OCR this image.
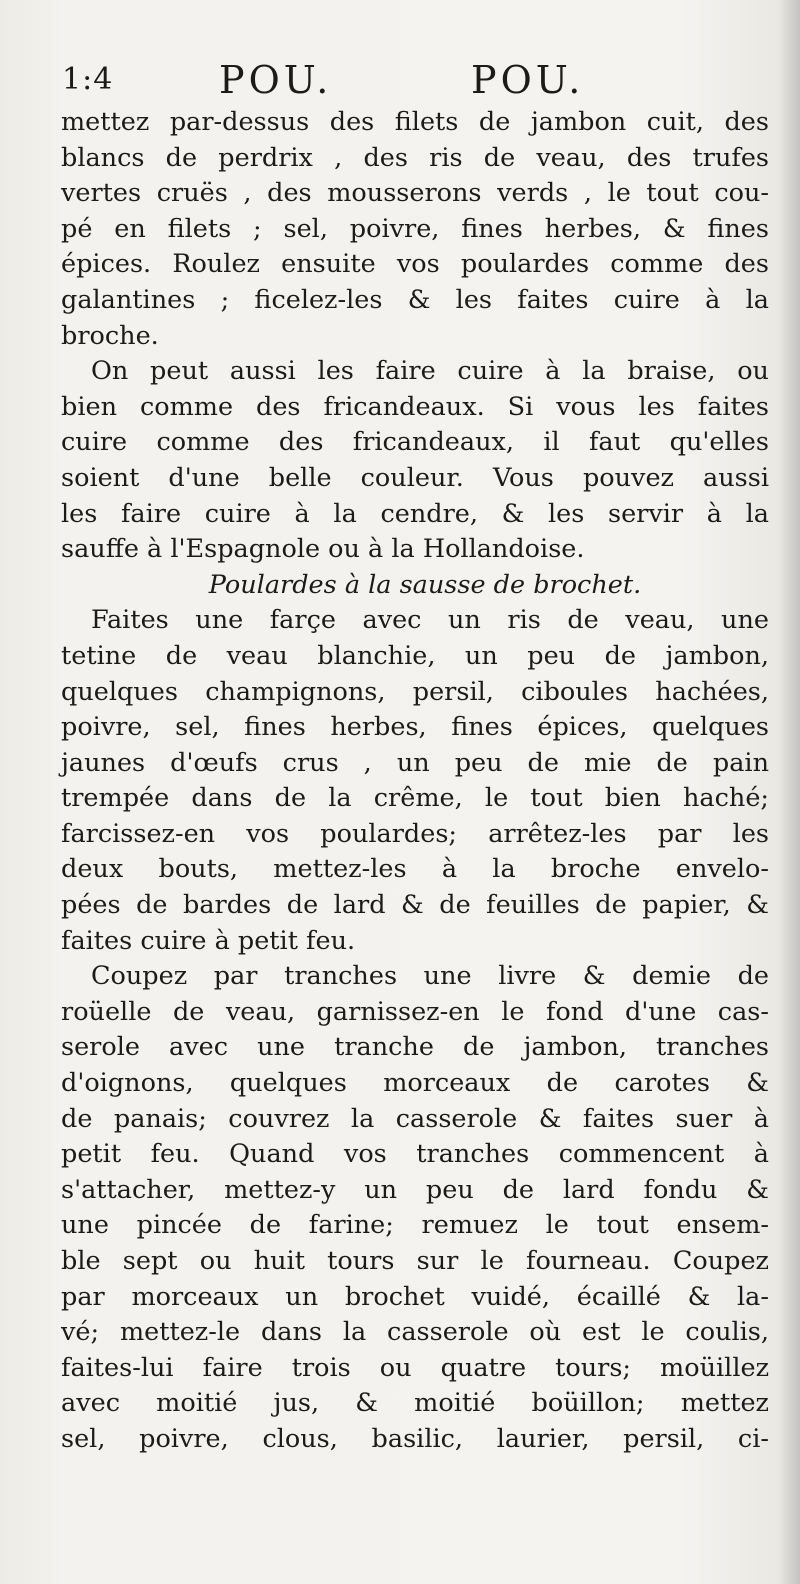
1:4	POU.	POU.
mettez par-dessus des filets de jambon cuit, des
blancs de perdrix , des ris de veau, des trufes
vertes cruës , des mousserons verds , le tout cou-
pé en filets ; sel, poivre, fines herbes, & fines
épices. Roulez ensuite vos poulardes comme des
galantines ; ficelez-les & les faites cuire à la
broche.
On peut aussi les faire cuire à la braise, ou
bien comme des fricandeaux. Si vous les faites
cuire comme des fricandeaux, il faut qu'elles
soient d'une belle couleur. Vous pouvez aussi
les faire cuire à la cendre, & les servir à la
sauffe à l'Espagnole ou à la Hollandoise.
Poulardes à la sausse de brochet.
Faites une farçe avec un ris de veau, une
tetine de veau blanchie, un peu de jambon,
quelques champignons, persil, ciboules hachées,
poivre, sel, fines herbes, fines épices, quelques
jaunes d'œufs crus , un peu de mie de pain
trempée dans de la crême, le tout bien haché;
farcissez-en vos poulardes; arrêtez-les par les
deux bouts, mettez-les à la broche envelo-
pées de bardes de lard & de feuilles de papier, &
faites cuire à petit feu.
Coupez par tranches une livre & demie de
roüelle de veau, garnissez-en le fond d'une cas-
serole avec une tranche de jambon, tranches
d'oignons, quelques morceaux de carotes &
de panais; couvrez la casserole & faites suer à
petit feu. Quand vos tranches commencent à
s'attacher, mettez-y un peu de lard fondu &
une pincée de farine; remuez le tout ensem-
ble sept ou huit tours sur le fourneau. Coupez
par morceaux un brochet vuidé, écaillé & la-
vé; mettez-le dans la casserole où est le coulis,
faites-lui faire trois ou quatre tours; moüillez
avec moitié jus, & moitié boüillon; mettez
sel, poivre, clous, basilic, laurier, persil, ci-
